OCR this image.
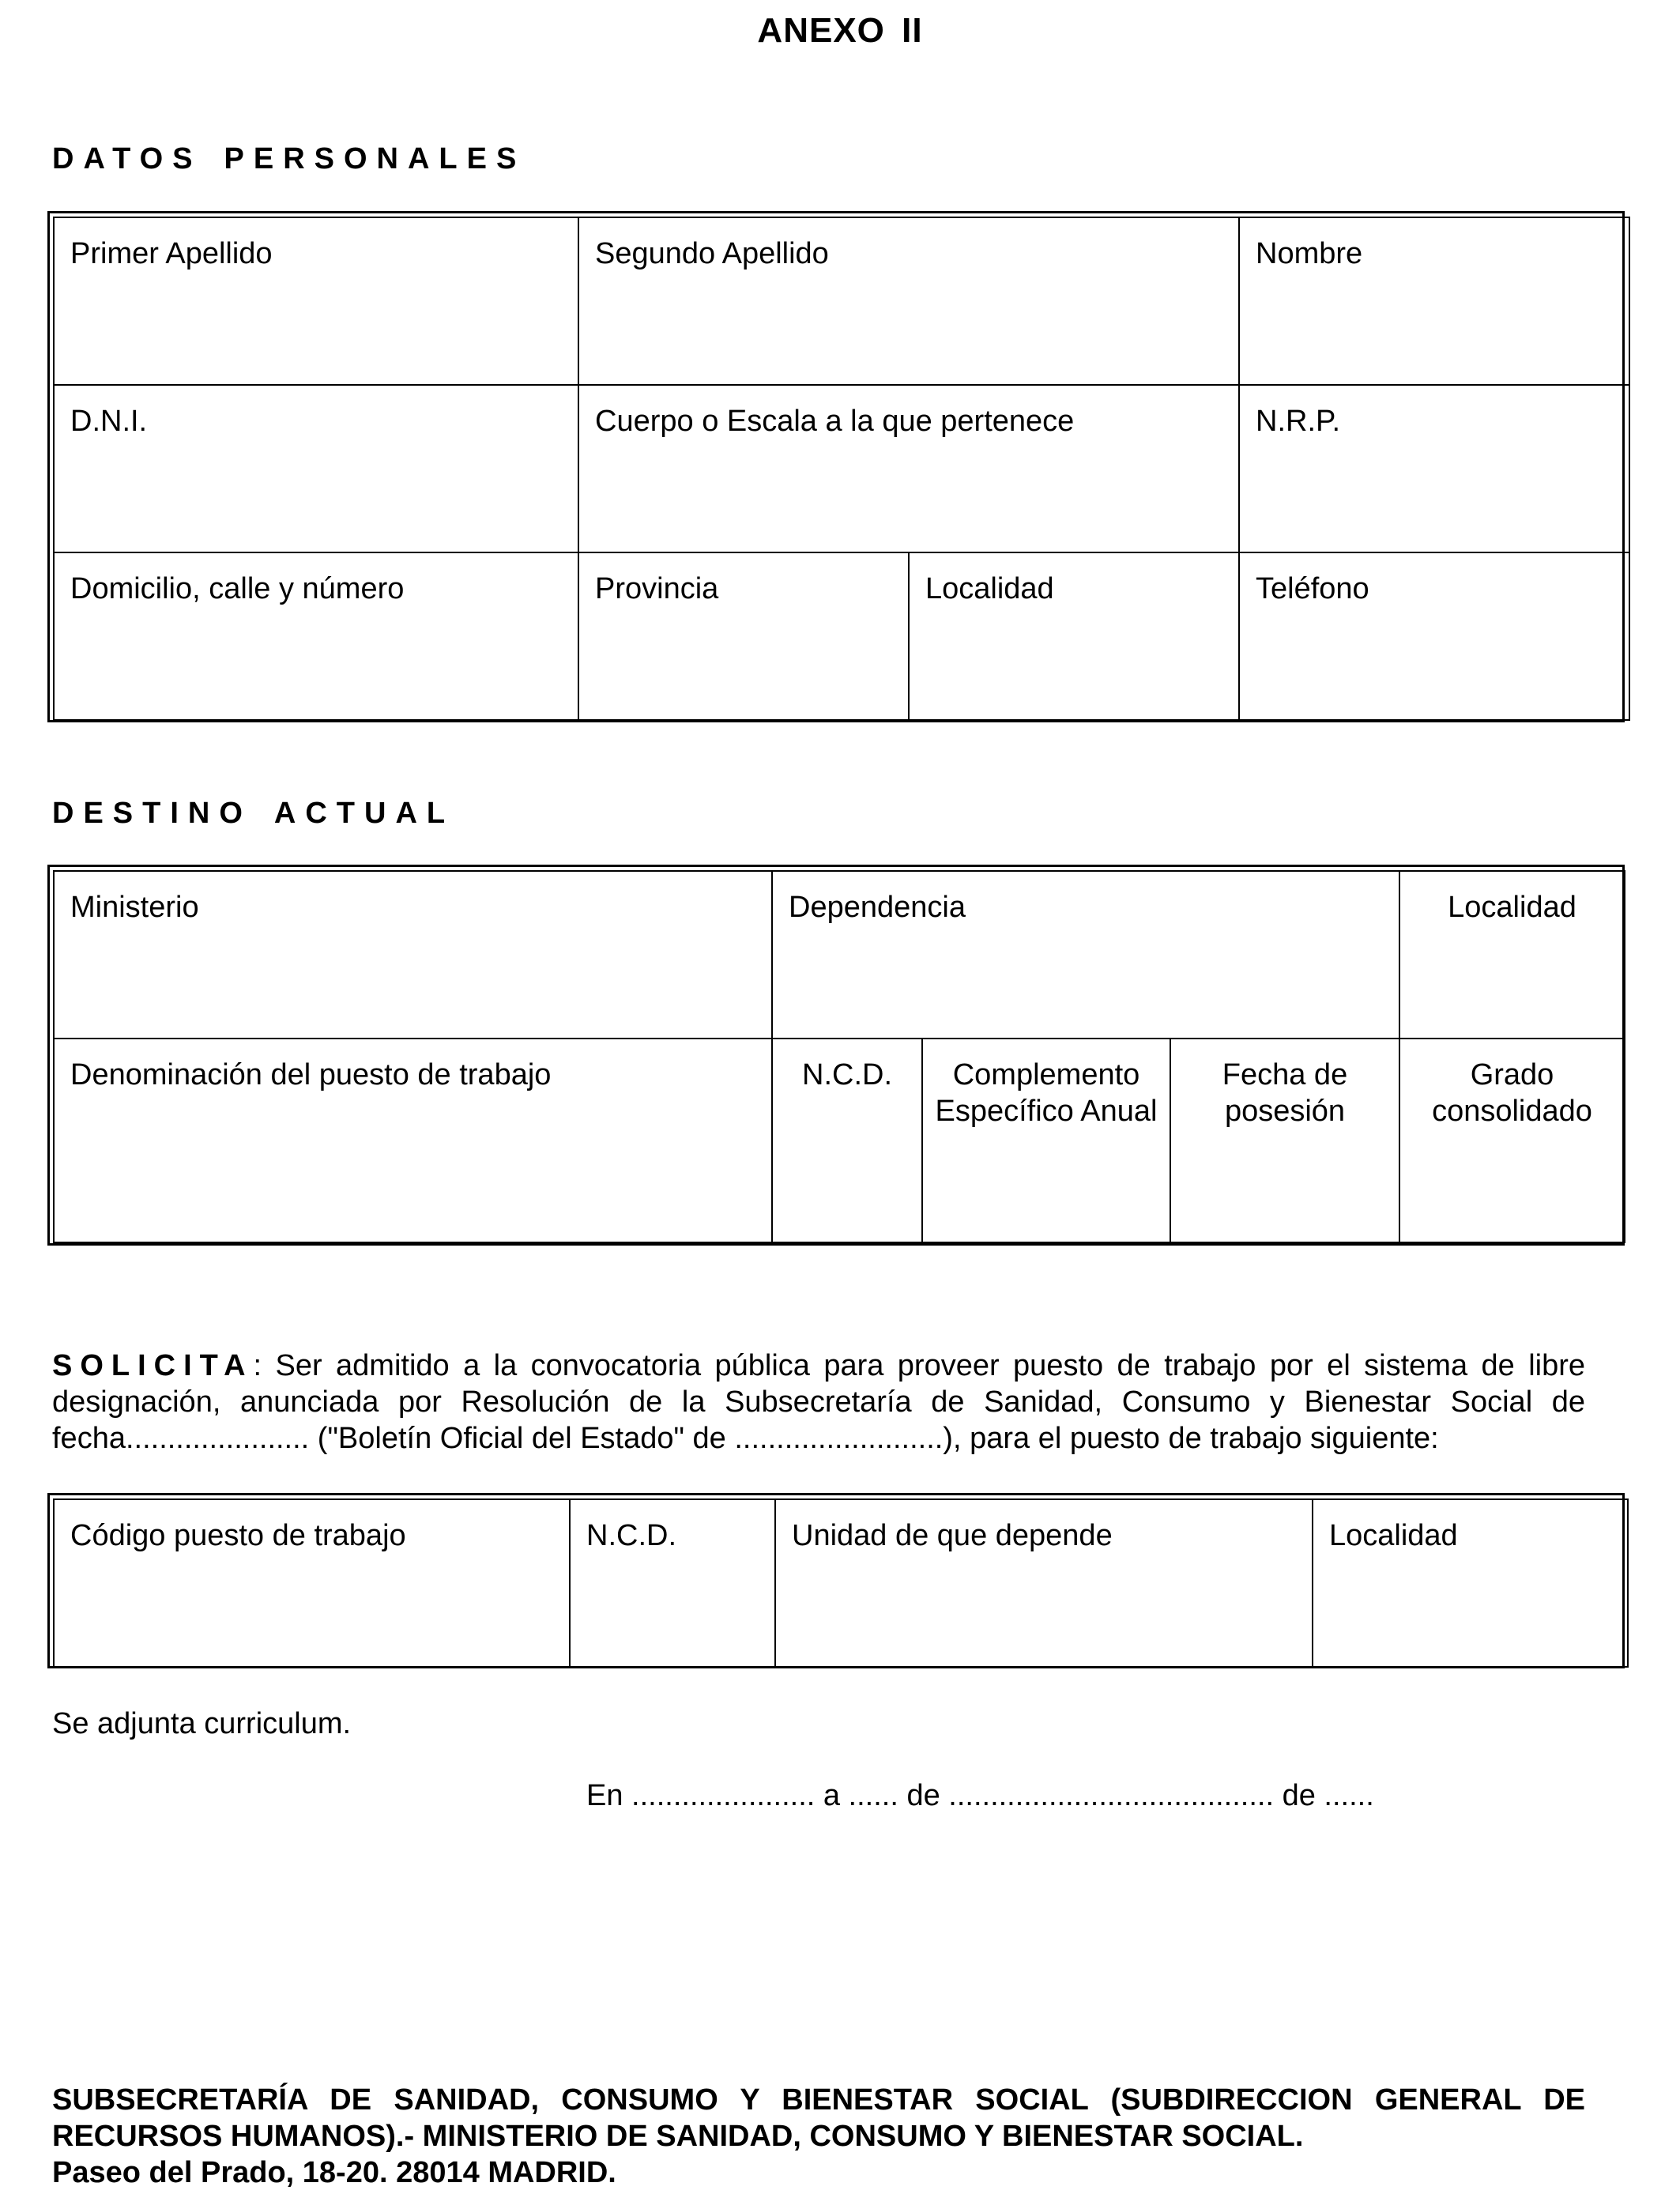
ANEXO II
DATOS PERSONALES
Primer Apellido	Segundo Apellido		Nombre
D.N.I.	Cuerpo o Escala a la que pertenece		N.R.P.
Domicilio, calle y número	Provincia	Localidad	Teléfono
DESTINO ACTUAL
Ministerio	Dependencia			Localidad
Denominación del puesto de trabajo	N.C.D.	Complemento Específico Anual	Fecha de posesión	Grado consolidado
SOLICITA: Ser admitido a la convocatoria pública para proveer puesto de trabajo por el sistema de libre designación, anunciada por Resolución de la Subsecretaría de Sanidad, Consumo y Bienestar Social de fecha...................... ("Boletín Oficial del Estado" de .........................), para el puesto de trabajo siguiente:
Código puesto de trabajo	N.C.D.	Unidad de que depende	Localidad
Se adjunta curriculum.
En ...................... a ...... de ....................................... de ......
SUBSECRETARÍA DE SANIDAD, CONSUMO Y BIENESTAR SOCIAL (SUBDIRECCION GENERAL DE
RECURSOS HUMANOS).- MINISTERIO DE SANIDAD, CONSUMO Y BIENESTAR SOCIAL.
Paseo del Prado, 18-20. 28014 MADRID.
